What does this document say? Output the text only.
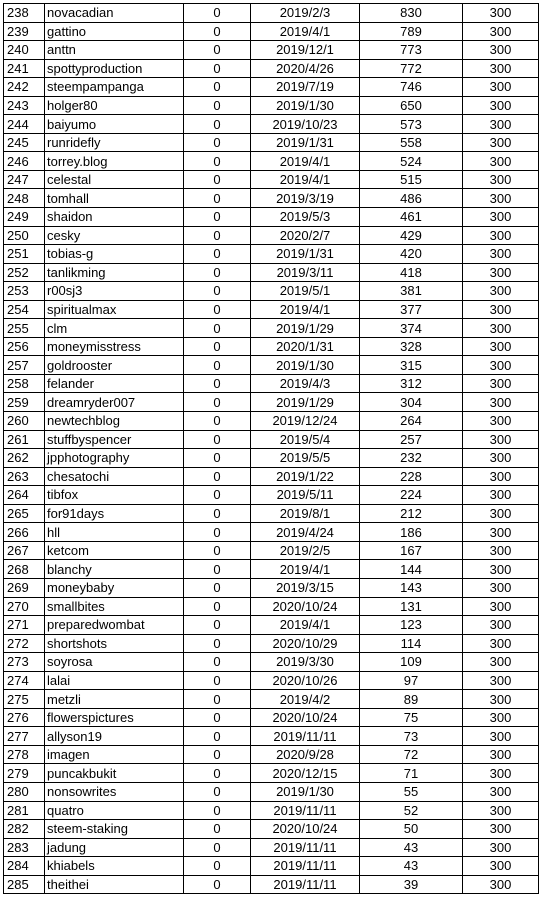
238	novacadian	0	2019/2/3	830	300
239	gattino	0	2019/4/1	789	300
240	anttn	0	2019/12/1	773	300
241	spottyproduction	0	2020/4/26	772	300
242	steempampanga	0	2019/7/19	746	300
243	holger80	0	2019/1/30	650	300
244	baiyumo	0	2019/10/23	573	300
245	runridefly	0	2019/1/31	558	300
246	torrey.blog	0	2019/4/1	524	300
247	celestal	0	2019/4/1	515	300
248	tomhall	0	2019/3/19	486	300
249	shaidon	0	2019/5/3	461	300
250	cesky	0	2020/2/7	429	300
251	tobias-g	0	2019/1/31	420	300
252	tanlikming	0	2019/3/11	418	300
253	r00sj3	0	2019/5/1	381	300
254	spiritualmax	0	2019/4/1	377	300
255	clm	0	2019/1/29	374	300
256	moneymisstress	0	2020/1/31	328	300
257	goldrooster	0	2019/1/30	315	300
258	felander	0	2019/4/3	312	300
259	dreamryder007	0	2019/1/29	304	300
260	newtechblog	0	2019/12/24	264	300
261	stuffbyspencer	0	2019/5/4	257	300
262	jpphotography	0	2019/5/5	232	300
263	chesatochi	0	2019/1/22	228	300
264	tibfox	0	2019/5/11	224	300
265	for91days	0	2019/8/1	212	300
266	hll	0	2019/4/24	186	300
267	ketcom	0	2019/2/5	167	300
268	blanchy	0	2019/4/1	144	300
269	moneybaby	0	2019/3/15	143	300
270	smallbites	0	2020/10/24	131	300
271	preparedwombat	0	2019/4/1	123	300
272	shortshots	0	2020/10/29	114	300
273	soyrosa	0	2019/3/30	109	300
274	lalai	0	2020/10/26	97	300
275	metzli	0	2019/4/2	89	300
276	flowerspictures	0	2020/10/24	75	300
277	allyson19	0	2019/11/11	73	300
278	imagen	0	2020/9/28	72	300
279	puncakbukit	0	2020/12/15	71	300
280	nonsowrites	0	2019/1/30	55	300
281	quatro	0	2019/11/11	52	300
282	steem-staking	0	2020/10/24	50	300
283	jadung	0	2019/11/11	43	300
284	khiabels	0	2019/11/11	43	300
285	theithei	0	2019/11/11	39	300
